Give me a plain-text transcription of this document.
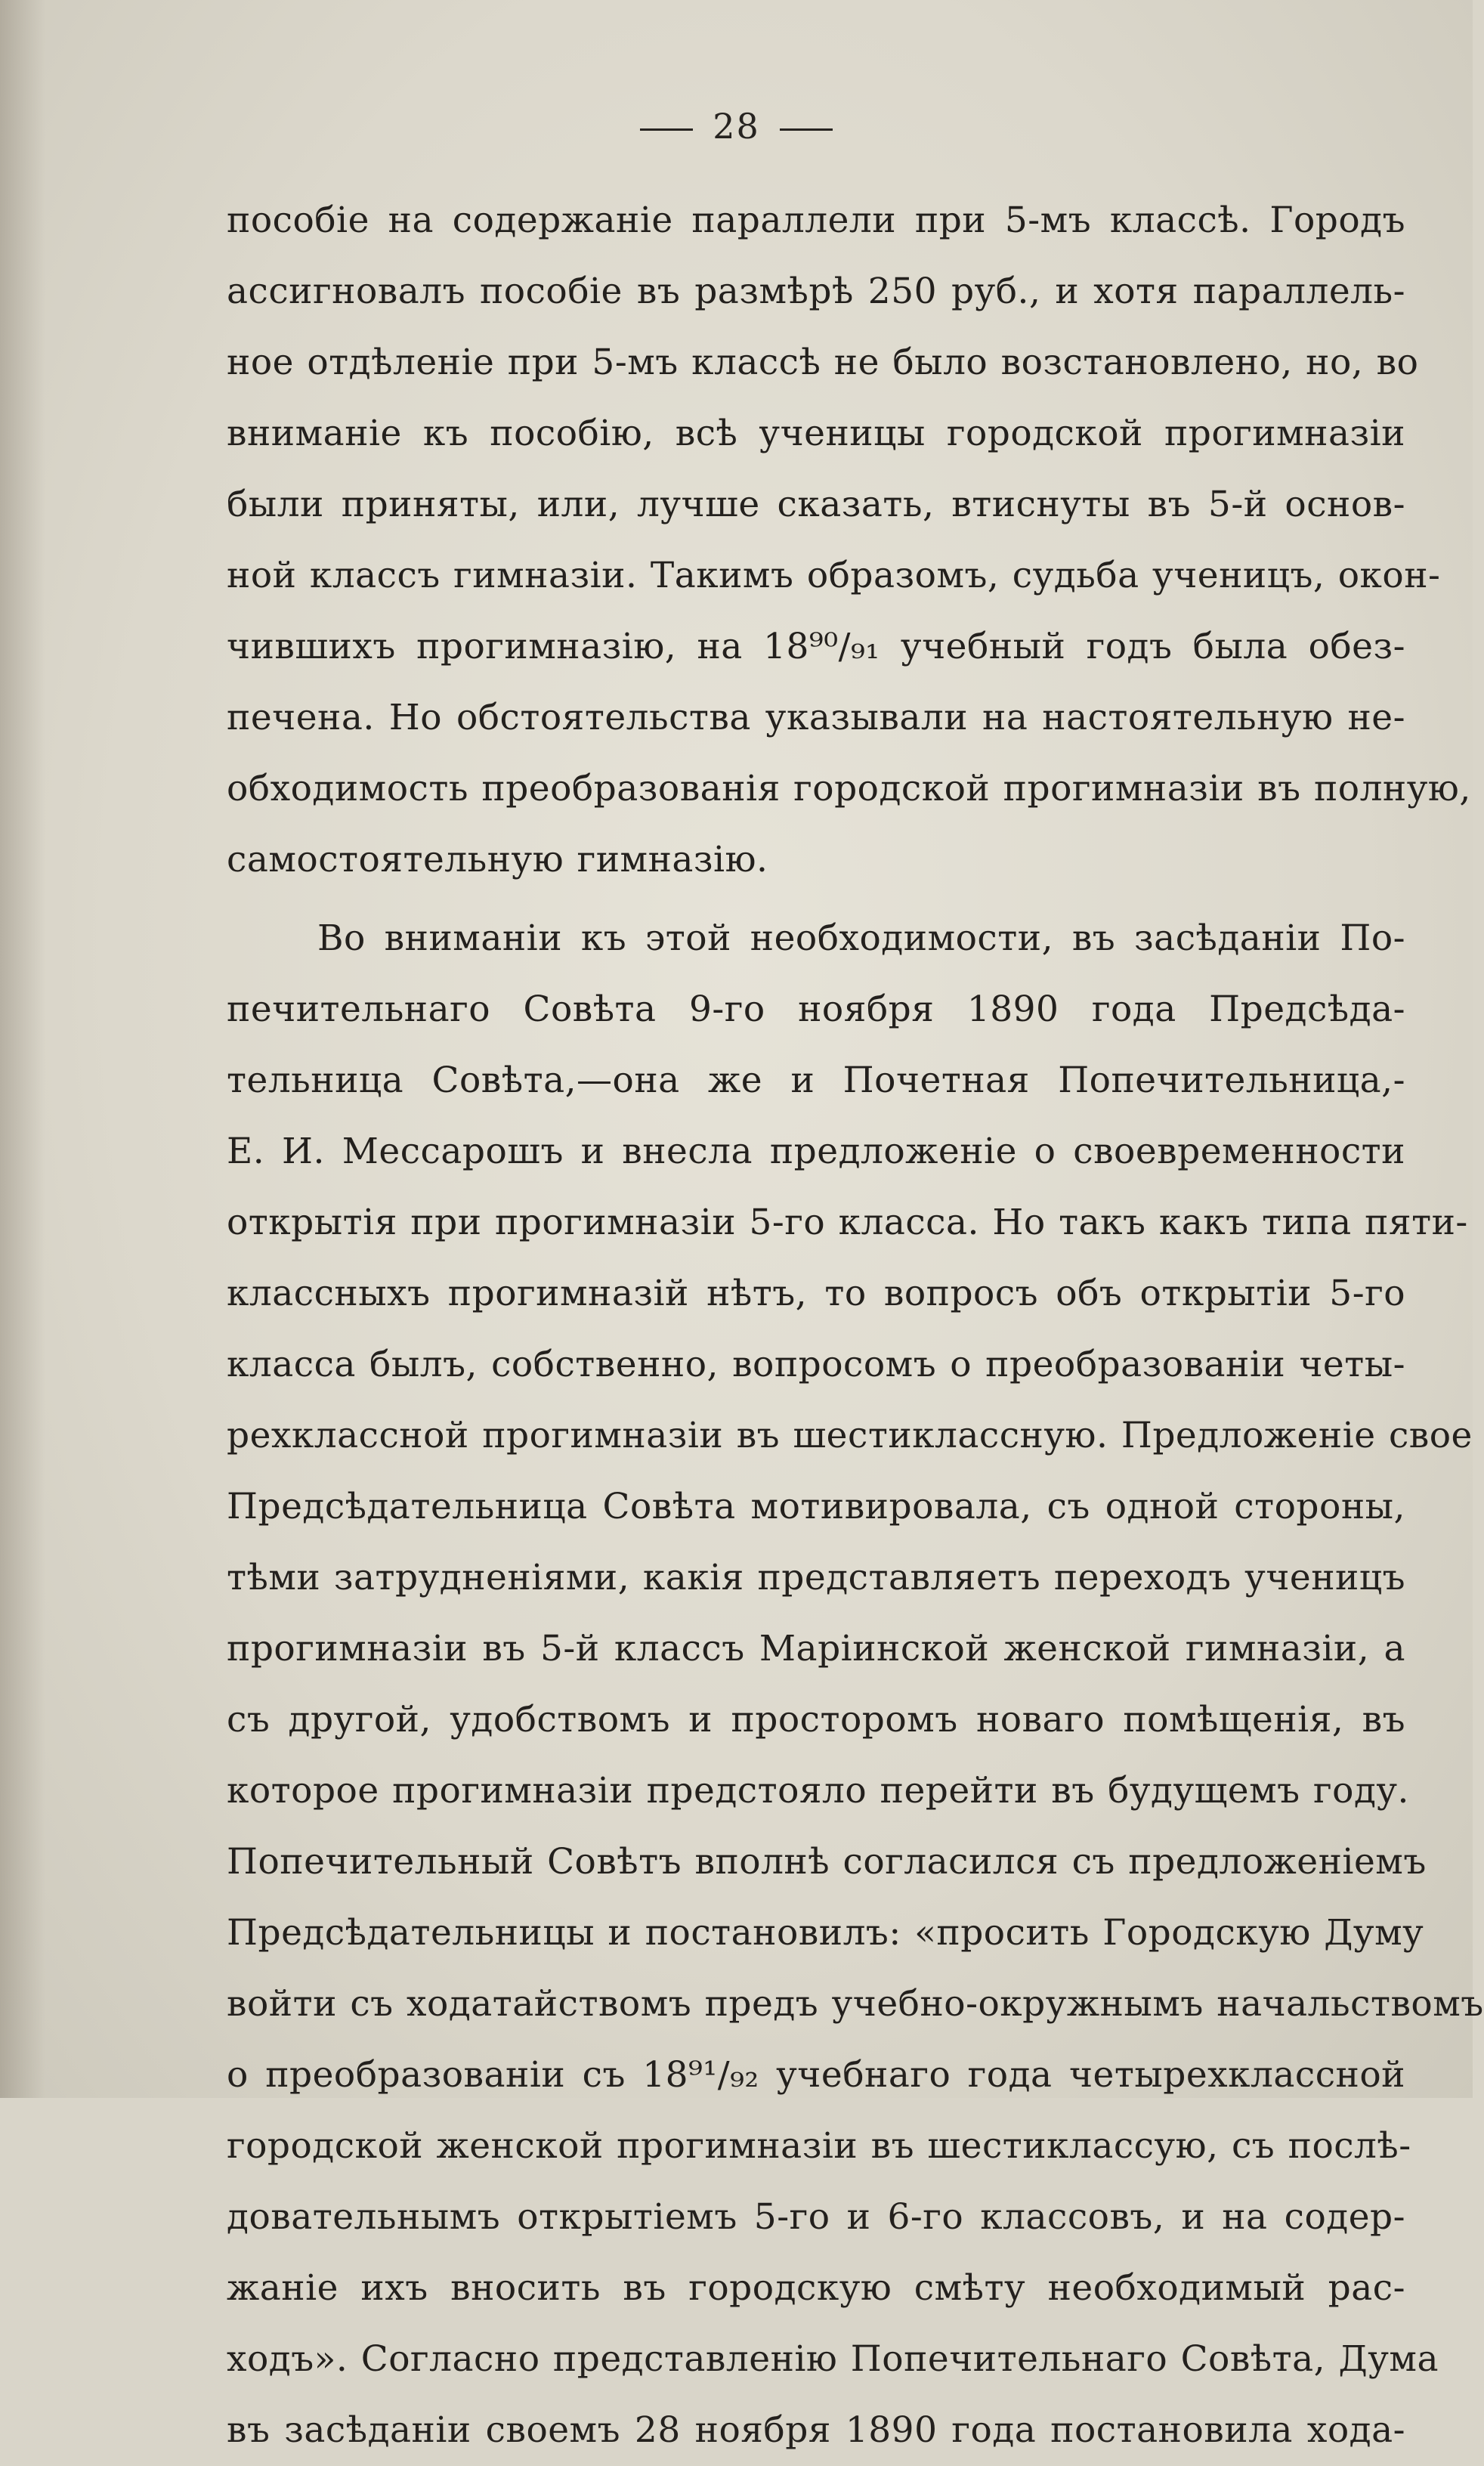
28
пособіе на содержаніе параллели при 5-мъ классѣ. Городъ
ассигновалъ пособіе въ размѣрѣ 250 руб., и хотя параллель-
ное отдѣленіе при 5-мъ классѣ не было возстановлено, но, во
вниманіе къ пособію, всѣ ученицы городской прогимназіи
были приняты, или, лучше сказать, втиснуты въ 5-й основ-
ной классъ гимназіи. Такимъ образомъ, судьба ученицъ, окон-
чившихъ прогимназію, на 18⁹⁰/₉₁ учебный годъ была обез-
печена. Но обстоятельства указывали на настоятельную не-
обходимость преобразованія городской прогимназіи въ полную,
самостоятельную гимназію.
Во вниманіи къ этой необходимости, въ засѣданіи По-
печительнаго Совѣта 9-го ноября 1890 года Предсѣда-
тельница Совѣта,—она же и Почетная Попечительница,-
Е. И. Мессарошъ и внесла предложеніе о своевременности
открытія при прогимназіи 5-го класса. Но такъ какъ типа пяти-
классныхъ прогимназій нѣтъ, то вопросъ объ открытіи 5-го
класса былъ, собственно, вопросомъ о преобразованіи четы-
рехклассной прогимназіи въ шестиклассную. Предложеніе свое
Предсѣдательница Совѣта мотивировала, съ одной стороны,
тѣми затрудненіями, какія представляетъ переходъ ученицъ
прогимназіи въ 5-й классъ Маріинской женской гимназіи, а
съ другой, удобствомъ и просторомъ новаго помѣщенія, въ
которое прогимназіи предстояло перейти въ будущемъ году.
Попечительный Совѣтъ вполнѣ согласился съ предложеніемъ
Предсѣдательницы и постановилъ: «просить Городскую Думу
войти съ ходатайствомъ предъ учебно-окружнымъ начальствомъ
о преобразованіи съ 18⁹¹/₉₂ учебнаго года четырехклассной
городской женской прогимназіи въ шестиклассую, съ послѣ-
довательнымъ открытіемъ 5-го и 6-го классовъ, и на содер-
жаніе ихъ вносить въ городскую смѣту необходимый рас-
ходъ». Согласно представленію Попечительнаго Совѣта, Дума
въ засѣданіи своемъ 28 ноября 1890 года постановила хода-
